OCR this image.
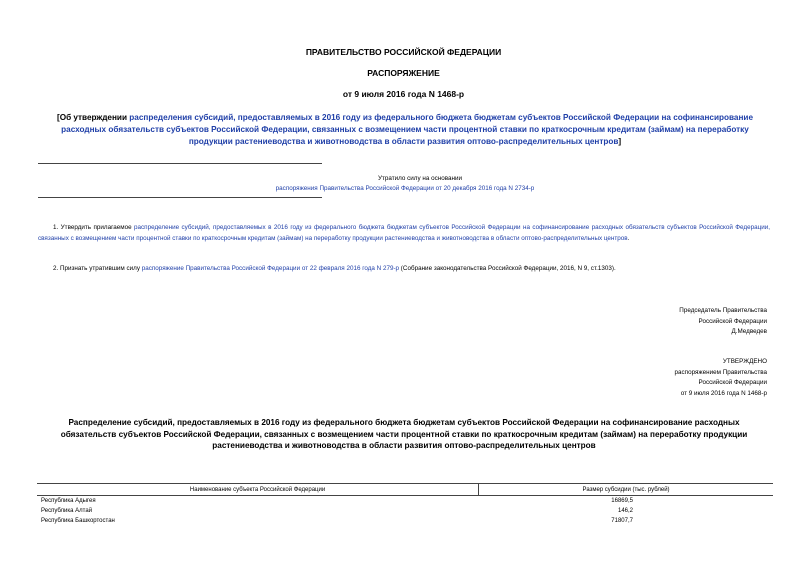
ПРАВИТЕЛЬСТВО РОССИЙСКОЙ ФЕДЕРАЦИИ
РАСПОРЯЖЕНИЕ
от 9 июля 2016 года N 1468-р
[Об утверждении распределения субсидий, предоставляемых в 2016 году из федерального бюджета бюджетам субъектов Российской Федерации на софинансирование расходных обязательств субъектов Российской Федерации, связанных с возмещением части процентной ставки по краткосрочным кредитам (займам) на переработку продукции растениеводства и животноводства в области развития оптово-распределительных центров]
Утратило силу на основании
распоряжения Правительства Российской Федерации от 20 декабря 2016 года N 2734-р
1. Утвердить прилагаемое распределение субсидий, предоставляемых в 2016 году из федерального бюджета бюджетам субъектов Российской Федерации на софинансирование расходных обязательств субъектов Российской Федерации, связанных с возмещением части процентной ставки по краткосрочным кредитам (займам) на переработку продукции растениеводства и животноводства в области оптово-распределительных центров.
2. Признать утратившим силу распоряжение Правительства Российской Федерации от 22 февраля 2016 года N 279-р (Собрание законодательства Российской Федерации, 2016, N 9, ст.1303).
Председатель Правительства
Российской Федерации
Д.Медведев
УТВЕРЖДЕНО
распоряжением Правительства
Российской Федерации
от 9 июля 2016 года N 1468-р
Распределение субсидий, предоставляемых в 2016 году из федерального бюджета бюджетам субъектов Российской Федерации на софинансирование расходных обязательств субъектов Российской Федерации, связанных с возмещением части процентной ставки по краткосрочным кредитам (займам) на переработку продукции растениеводства и животноводства в области развития оптово-распределительных центров
Наименование субъекта Российской Федерации	Размер субсидии (тыс. рублей)
Республика Адыгея	16869,5
Республика Алтай	146,2
Республика Башкортостан	71807,7
